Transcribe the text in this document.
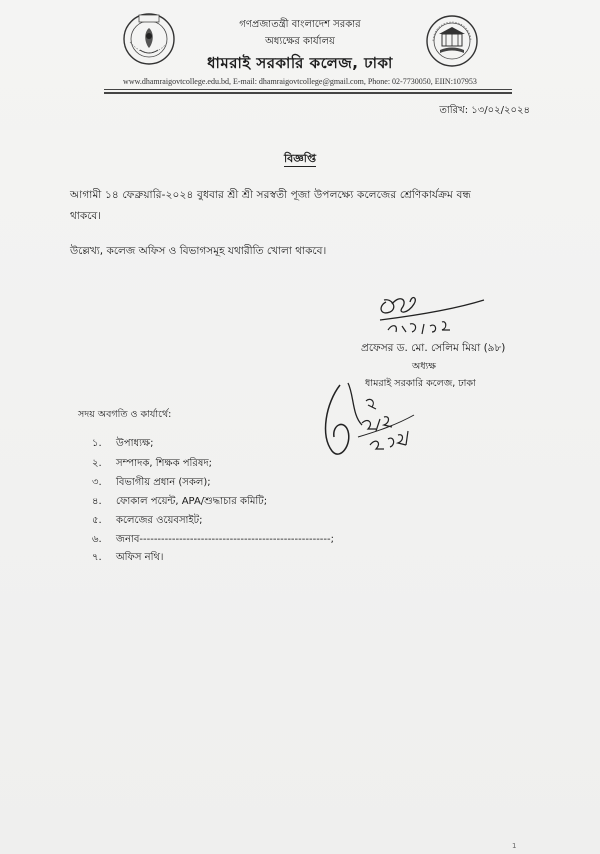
গণপ্রজাতন্ত্রী বাংলাদেশ সরকার
অধ্যক্ষের কার্যালয়
ধামরাই সরকারি কলেজ, ঢাকা
www.dhamraigovtcollege.edu.bd, E-mail: dhamraigovtcollege@gmail.com, Phone: 02-7730050, EIIN:107953
তারিখ: ১৩/০২/২০২৪
বিজ্ঞপ্তি
আগামী ১৪ ফেব্রুয়ারি-২০২৪ বুধবার শ্রী শ্রী সরস্বতী পূজা উপলক্ষ্যে কলেজের শ্রেণিকার্যক্রম বন্ধ
থাকবে।
উল্লেখ্য, কলেজ অফিস ও বিভাগসমূহ যথারীতি খোলা থাকবে।
প্রফেসর ড. মো. সেলিম মিয়া (৯৮)
অধ্যক্ষ
ধামরাই সরকারি কলেজ, ঢাকা
সদয় অবগতি ও কার্যার্থে:
১. উপাধ্যক্ষ;
২. সম্পাদক, শিক্ষক পরিষদ;
৩. বিভাগীয় প্রধান (সকল);
৪. ফোকাল পয়েন্ট, APA/শুদ্ধাচার কমিটি;
৫. কলেজের ওয়েবসাইট;
৬. জনাব-----------------------------------------------------;
৭. অফিস নথি।
1
